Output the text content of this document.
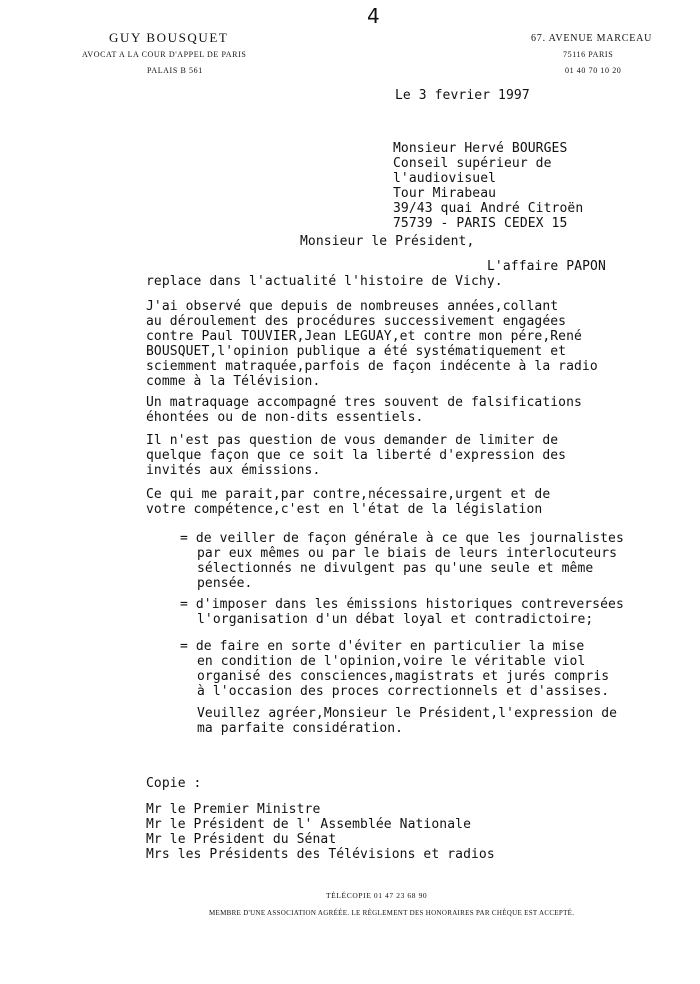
4
GUY BOUSQUET
AVOCAT A LA COUR D'APPEL DE PARIS
PALAIS B 561
67. AVENUE MARCEAU
75116 PARIS
01 40 70 10 20
Le 3 fevrier 1997
Monsieur Hervé BOURGES
Conseil supérieur de
l'audiovisuel
Tour Mirabeau
39/43 quai André Citroën
75739 - PARIS CEDEX 15
Monsieur le Président,
L'affaire PAPON
replace dans l'actualité l'histoire de Vichy.
J'ai observé que depuis de nombreuses années,collant
au déroulement des procédures successivement engagées
contre Paul TOUVIER,Jean LEGUAY,et contre mon pére,René
BOUSQUET,l'opinion publique a été systématiquement et
sciemment matraquée,parfois de façon indécente à la radio
comme à la Télévision.
Un matraquage accompagné tres souvent de falsifications
éhontées ou de non-dits essentiels.
Il n'est pas question de vous demander de limiter de
quelque façon que ce soit la liberté d'expression des
invités aux émissions.
Ce qui me parait,par contre,nécessaire,urgent et de
votre compétence,c'est en l'état de la législation
= de veiller de façon générale à ce que les journalistes
par eux mêmes ou par le biais de leurs interlocuteurs
sélectionnés ne divulgent pas qu'une seule et même
pensée.
= d'imposer dans les émissions historiques contreversées
l'organisation d'un débat loyal et contradictoire;
= de faire en sorte d'éviter en particulier la mise
en condition de l'opinion,voire le véritable viol
organisé des consciences,magistrats et jurés compris
à l'occasion des proces correctionnels et d'assises.
Veuillez agréer,Monsieur le Président,l'expression de
ma parfaite considération.
Copie :
Mr le Premier Ministre
Mr le Président de l' Assemblée Nationale
Mr le Président du Sénat
Mrs les Présidents des Télévisions et radios
TÉLÉCOPIE 01 47 23 68 90
MEMBRE D'UNE ASSOCIATION AGRÉÉE. LE RÈGLEMENT DES HONORAIRES PAR CHÈQUE EST ACCEPTÉ.
